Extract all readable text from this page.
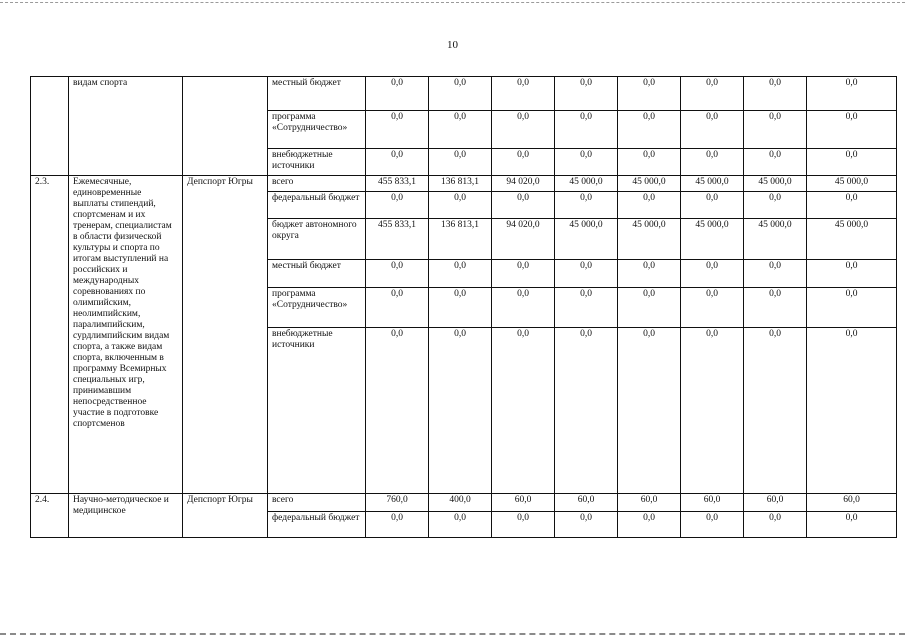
10
	видам спорта		местный бюджет	0,0	0,0	0,0	0,0	0,0	0,0	0,0	0,0
			программа «Сотрудничество»	0,0	0,0	0,0	0,0	0,0	0,0	0,0	0,0
			внебюджетные источники	0,0	0,0	0,0	0,0	0,0	0,0	0,0	0,0
2.3.	Ежемесячные, единовременные выплаты стипендий, спортсменам и их тренерам, специалистам в области физической культуры и спорта по итогам выступлений на российских и международных соревнованиях по олимпийским, неолимпийским, паралимпийским, сурдлимпийским видам спорта, а также видам спорта, включенным в программу Всемирных специальных игр, принимавшим непосредственное участие в подготовке спортсменов	Депспорт Югры	всего	455 833,1	136 813,1	94 020,0	45 000,0	45 000,0	45 000,0	45 000,0	45 000,0
			федеральный бюджет	0,0	0,0	0,0	0,0	0,0	0,0	0,0	0,0
			бюджет автономного округа	455 833,1	136 813,1	94 020,0	45 000,0	45 000,0	45 000,0	45 000,0	45 000,0
			местный бюджет	0,0	0,0	0,0	0,0	0,0	0,0	0,0	0,0
			программа «Сотрудничество»	0,0	0,0	0,0	0,0	0,0	0,0	0,0	0,0
			внебюджетные источники	0,0	0,0	0,0	0,0	0,0	0,0	0,0	0,0
2.4.	Научно-методическое и медицинское	Депспорт Югры	всего	760,0	400,0	60,0	60,0	60,0	60,0	60,0	60,0
			федеральный бюджет	0,0	0,0	0,0	0,0	0,0	0,0	0,0	0,0
